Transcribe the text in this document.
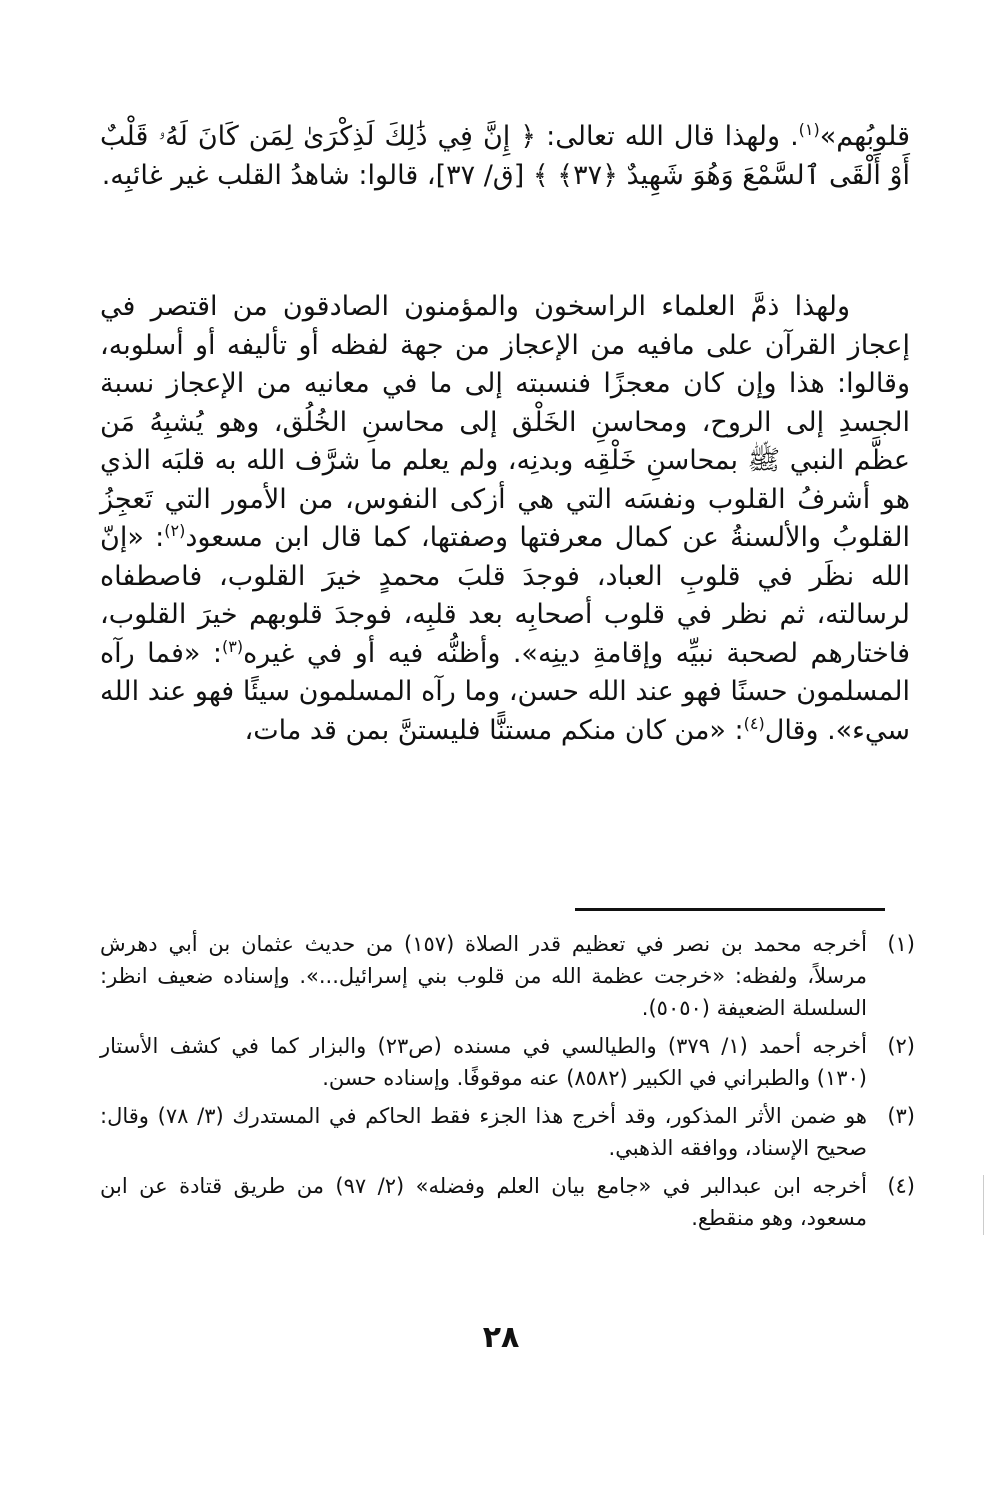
قلوبُهم»$^{(١)}$. ولهذا قال الله تعالى: ﴿ إِنَّ فِي ذَٰلِكَ لَذِكْرَىٰ لِمَن كَانَ لَهُۥ قَلْبٌ أَوْ أَلْقَى ٱلسَّمْعَ وَهُوَ شَهِيدٌ ﴿٣٧﴾ ﴾ [ق/ ٣٧]، قالوا: شاهدُ القلب غير غائبِه.

ولهذا ذمَّ العلماء الراسخون والمؤمنون الصادقون من اقتصر في إعجاز القرآن على مافيه من الإعجاز من جهة لفظه أو تأليفه أو أسلوبه، وقالوا: هذا وإن كان معجزًا فنسبته إلى ما في معانيه من الإعجاز نسبة الجسدِ إلى الروح، ومحاسنِ الخَلْق إلى محاسنِ الخُلُق، وهو يُشبِهُ مَن عظَّم النبي ﷺ بمحاسنِ خَلْقِه وبدنِه، ولم يعلم ما شرَّف الله به قلبَه الذي هو أشرفُ القلوب ونفسَه التي هي أزكى النفوس، من الأمور التي تَعجِزُ القلوبُ والألسنةُ عن كمال معرفتها وصفتها، كما قال ابن مسعود$^{(٢)}$: «إنّ الله نظَر في قلوبِ العباد، فوجدَ قلبَ محمدٍ خيرَ القلوب، فاصطفاه لرسالته، ثم نظر في قلوب أصحابِه بعد قلبِه، فوجدَ قلوبهم خيرَ القلوب، فاختارهم لصحبة نبيِّه وإقامةِ دينِه». وأظنُّه فيه أو في غيره$^{(٣)}$: «فما رآه المسلمون حسنًا فهو عند الله حسن، وما رآه المسلمون سيئًا فهو عند الله سيء». وقال$^{(٤)}$: «من كان منكم مستنًّا فليستنَّ بمن قد مات،

(١)
أخرجه محمد بن نصر في تعظيم قدر الصلاة (١٥٧) من حديث عثمان بن أبي دهرش مرسلاً، ولفظه: «خرجت عظمة الله من قلوب بني إسرائيل...». وإسناده ضعيف انظر: السلسلة الضعيفة (٥٠٥٠).
(٢)
أخرجه أحمد (١/ ٣٧٩) والطيالسي في مسنده (ص٢٣) والبزار كما في كشف الأستار (١٣٠) والطبراني في الكبير (٨٥٨٢) عنه موقوفًا. وإسناده حسن.
(٣)
هو ضمن الأثر المذكور، وقد أخرج هذا الجزء فقط الحاكم في المستدرك (٣/ ٧٨) وقال: صحيح الإسناد، ووافقه الذهبي.
(٤)
أخرجه ابن عبدالبر في «جامع بيان العلم وفضله» (٢/ ٩٧) من طريق قتادة عن ابن مسعود، وهو منقطع.
٢٨
